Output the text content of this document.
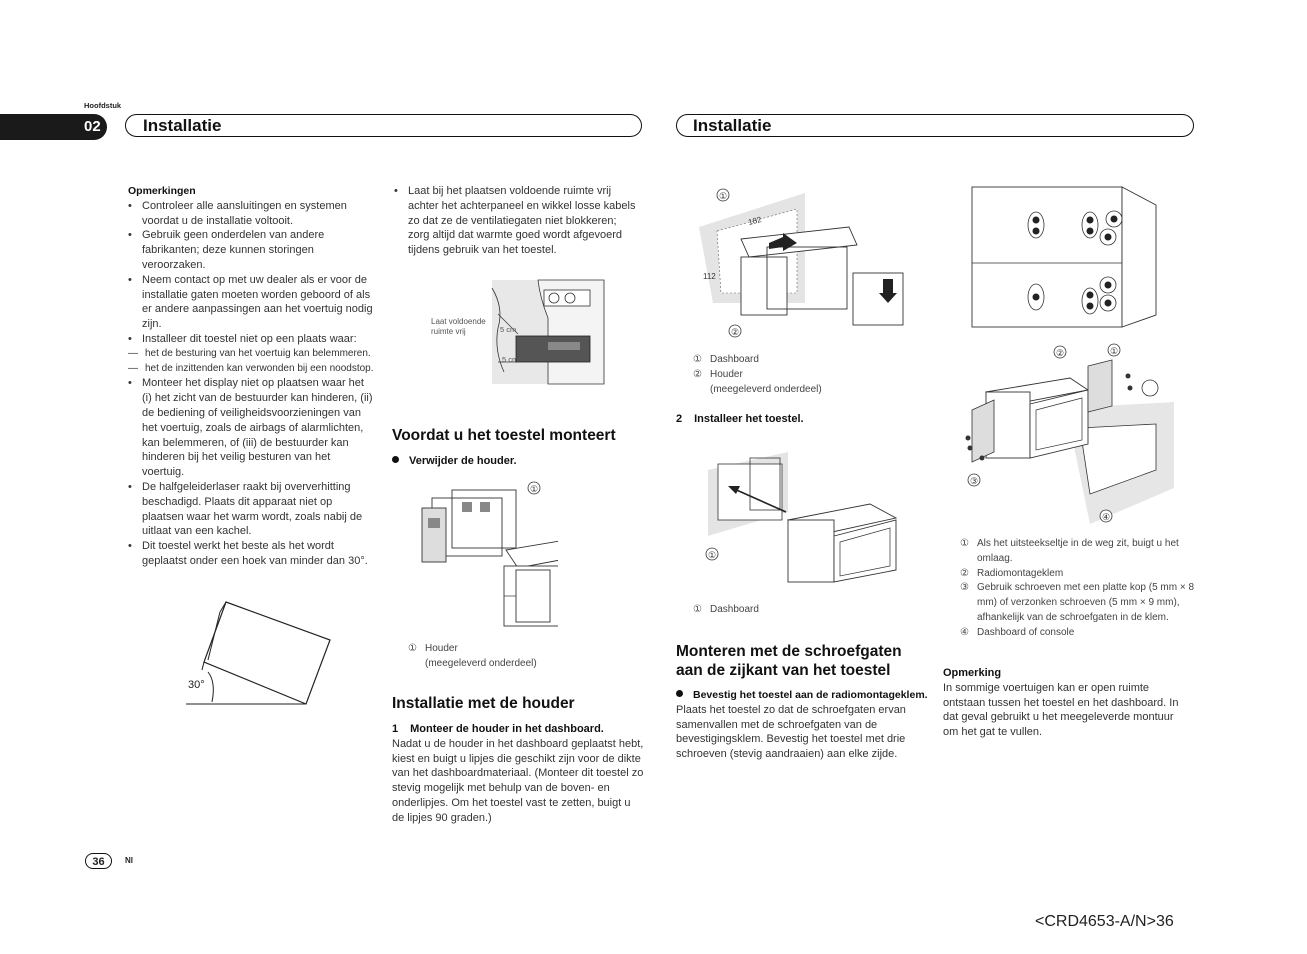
Hoofdstuk
02 Installatie	Installatie
Opmerkingen
• Controleer alle aansluitingen en systemen voordat u de installatie voltooit.
• Gebruik geen onderdelen van andere fabrikanten; deze kunnen storingen veroorzaken.
• Neem contact op met uw dealer als er voor de installatie gaten moeten worden geboord of als er andere aanpassingen aan het voertuig nodig zijn.
• Installeer dit toestel niet op een plaats waar:
— het de besturing van het voertuig kan belemmeren.
— het de inzittenden kan verwonden bij een noodstop.
• Monteer het display niet op plaatsen waar het (i) het zicht van de bestuurder kan hinderen, (ii) de bediening of veiligheidsvoorzieningen van het voertuig, zoals de airbags of alarmlichten, kan belemmeren, of (iii) de bestuurder kan hinderen bij het veilig besturen van het voertuig.
• De halfgeleiderlaser raakt bij oververhitting beschadigd. Plaats dit apparaat niet op plaatsen waar het warm wordt, zoals nabij de uitlaat van een kachel.
• Dit toestel werkt het beste als het wordt geplaatst onder een hoek van minder dan 30°.
30°
• Laat bij het plaatsen voldoende ruimte vrij achter het achterpaneel en wikkel losse kabels zo dat ze de ventilatiegaten niet blokkeren; zorg altijd dat warmte goed wordt afgevoerd tijdens gebruik van het toestel.
Laat voldoende
ruimte vrij	5 cm
5 cm
Voordat u het toestel monteert
Verwijder de houder.
①
① Houder
(meegeleverd onderdeel)
Installatie met de houder
1 Monteer de houder in het dashboard.
Nadat u de houder in het dashboard geplaatst hebt, kiest en buigt u lipjes die geschikt zijn voor de dikte van het dashboardmateriaal. (Monteer dit toestel zo stevig mogelijk met behulp van de boven- en onderlipjes. Om het toestel vast te zetten, buigt u de lipjes 90 graden.)
①
②
182
112
① Dashboard
② Houder
(meegeleverd onderdeel)
2 Installeer het toestel.
①
① Dashboard
Monteren met de schroefgaten aan de zijkant van het toestel
Bevestig het toestel aan de radiomontageklem.
Plaats het toestel zo dat de schroefgaten ervan samenvallen met de schroefgaten van de bevestigingsklem. Bevestig het toestel met drie schroeven (stevig aandraaien) aan elke zijde.
①
②
③
④
① Als het uitsteekseltje in de weg zit, buigt u het omlaag.
② Radiomontageklem
③ Gebruik schroeven met een platte kop (5 mm × 8 mm) of verzonken schroeven (5 mm × 9 mm), afhankelijk van de schroefgaten in de klem.
④ Dashboard of console
Opmerking
In sommige voertuigen kan er open ruimte ontstaan tussen het toestel en het dashboard. In dat geval gebruikt u het meegeleverde montuur om het gat te vullen.
36	Nl
<CRD4653-A/N>36
